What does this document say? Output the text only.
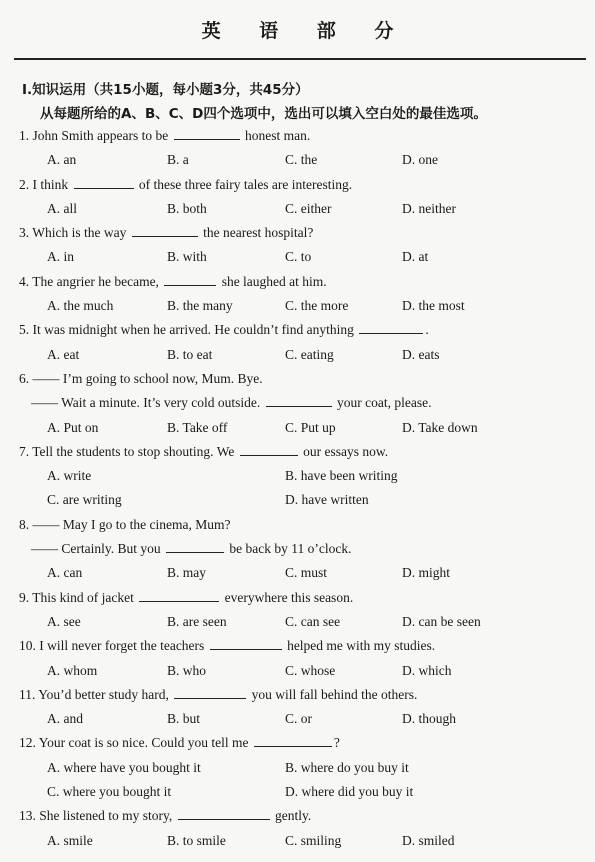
英 语 部 分
Ⅰ.知识运用（共15小题，每小题3分，共45分）
从每题所给的A、B、C、D四个选项中，选出可以填入空白处的最佳选项。
1. John Smith appears to be	honest man.
A. an	B. a	C. the	D. one
2. I think	of these three fairy tales are interesting.
A. all	B. both	C. either	D. neither
3. Which is the way	the nearest hospital?
A. in	B. with	C. to	D. at
4. The angrier he became,	she laughed at him.
A. the much	B. the many	C. the more	D. the most
5. It was midnight when he arrived. He couldn’t find anything	.
A. eat	B. to eat	C. eating	D. eats
6. —— I’m going to school now, Mum. Bye.
—— Wait a minute. It’s very cold outside.	your coat, please.
A. Put on	B. Take off	C. Put up	D. Take down
7. Tell the students to stop shouting. We	our essays now.
A. write	B. have been writing
C. are writing	D. have written
8. —— May I go to the cinema, Mum?
—— Certainly. But you	be back by 11 o’clock.
A. can	B. may	C. must	D. might
9. This kind of jacket	everywhere this season.
A. see	B. are seen	C. can see	D. can be seen
10. I will never forget the teachers	helped me with my studies.
A. whom	B. who	C. whose	D. which
11. You’d better study hard,	you will fall behind the others.
A. and	B. but	C. or	D. though
12. Your coat is so nice. Could you tell me	?
A. where have you bought it	B. where do you buy it
C. where you bought it	D. where did you buy it
13. She listened to my story,	gently.
A. smile	B. to smile	C. smiling	D. smiled
